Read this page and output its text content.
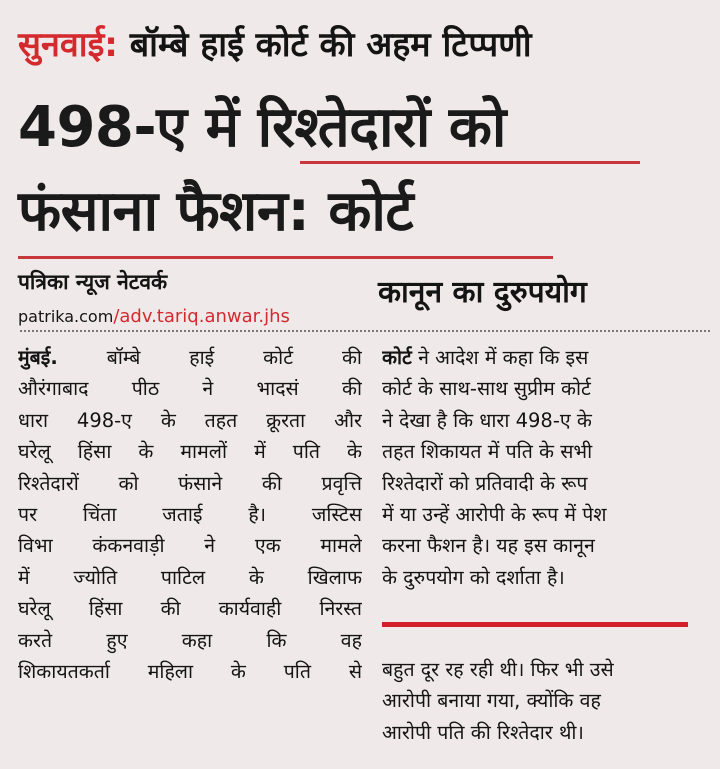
सुनवाई: बॉम्बे हाई कोर्ट की अहम टिप्पणी
498-ए में रिश्तेदारों को
फंसाना फैशन: कोर्ट
पत्रिका न्यूज नेटवर्क
patrika.com/adv.tariq.anwar.jhs
कानून का दुरुपयोग
मुंबई.	बॉम्बे हाई कोर्ट की
औरंगाबाद पीठ ने भादसं की
धारा 498-ए के तहत क्रूरता और
घरेलू हिंसा के मामलों में पति के
रिश्तेदारों को फंसाने की प्रवृत्ति
पर चिंता जताई है। जस्टिस
विभा कंकनवाड़ी ने एक मामले
में ज्योति पाटिल के खिलाफ
घरेलू हिंसा की कार्यवाही निरस्त
करते हुए कहा कि वह
शिकायतकर्ता महिला के पति से
कोर्ट ने आदेश में कहा कि इस
कोर्ट के साथ-साथ सुप्रीम कोर्ट
ने देखा है कि धारा 498-ए के
तहत शिकायत में पति के सभी
रिश्तेदारों को प्रतिवादी के रूप
में या उन्हें आरोपी के रूप में पेश
करना फैशन है। यह इस कानून
के दुरुपयोग को दर्शाता है।
बहुत दूर रह रही थी। फिर भी उसे
आरोपी बनाया गया, क्योंकि वह
आरोपी पति की रिश्तेदार थी।
